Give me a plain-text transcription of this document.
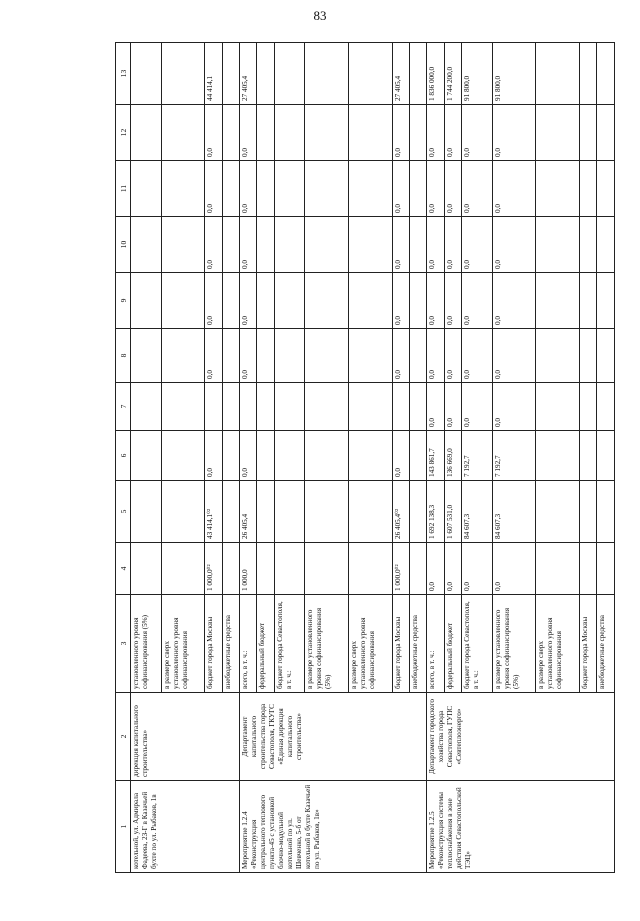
83
1	2	3	4	5	6	7	8	9	10	11	12	13
котельной, ул. Адмирала Фадеева, 23-Г в Казачьей бухте по ул. Рыбаков, 1в	дирекция капитального строительства»	установленного уровня софинансирования (5%)										
		в размере сверх установленного уровня софинансирования										
		бюджет города Москвы	1 000,0⁰²	43 414,1⁰²	0,0		0,0	0,0	0,0	0,0	0,0	44 414,1
		внебюджетные средства										
Мероприятие 1.2.4 «Реконструкция центрального теплового пункта-45 с установкой блочно-модульной котельной по ул. Шевченко, 5-б от котельной в бухте Казачьей по ул. Рыбаков, 1в»	Департамент капитального строительства города Севастополя, ГКУГС «Единая дирекция капитального строительства»	всего, в т. ч.:	1 000,0	26 405,4	0,0		0,0	0,0	0,0	0,0	0,0	27 405,4
		федеральный бюджет										
		бюджет города Севастополя, в т. ч.:										
		в размере установленного уровня софинансирования (5%)										
		в размере сверх установленного уровня софинансирования										
		бюджет города Москвы	1 000,0⁰²	26 405,4⁰²	0,0		0,0	0,0	0,0	0,0	0,0	27 405,4
		внебюджетные средства										
Мероприятие 1.2.5 «Реконструкция системы теплоснабжения в зоне действия Севастопольской ТЭЦ»	Департамент городского хозяйства города Севастополя, ГУПС «Севтеплоэнерго»	всего, в т. ч.:	0,0	1 692 138,3	143 861,7	0,0	0,0	0,0	0,0	0,0	0,0	1 836 000,0
		федеральный бюджет	0,0	1 607 531,0	136 669,0	0,0	0,0	0,0	0,0	0,0	0,0	1 744 200,0
		бюджет города Севастополя, в т. ч.:	0,0	84 607,3	7 192,7	0,0	0,0	0,0	0,0	0,0	0,0	91 800,0
		в размере установленного уровня софинансирования (5%)	0,0	84 607,3	7 192,7	0,0	0,0	0,0	0,0	0,0	0,0	91 800,0
		в размере сверх установленного уровня софинансирования										
		бюджет города Москвы										
		внебюджетные средства										
